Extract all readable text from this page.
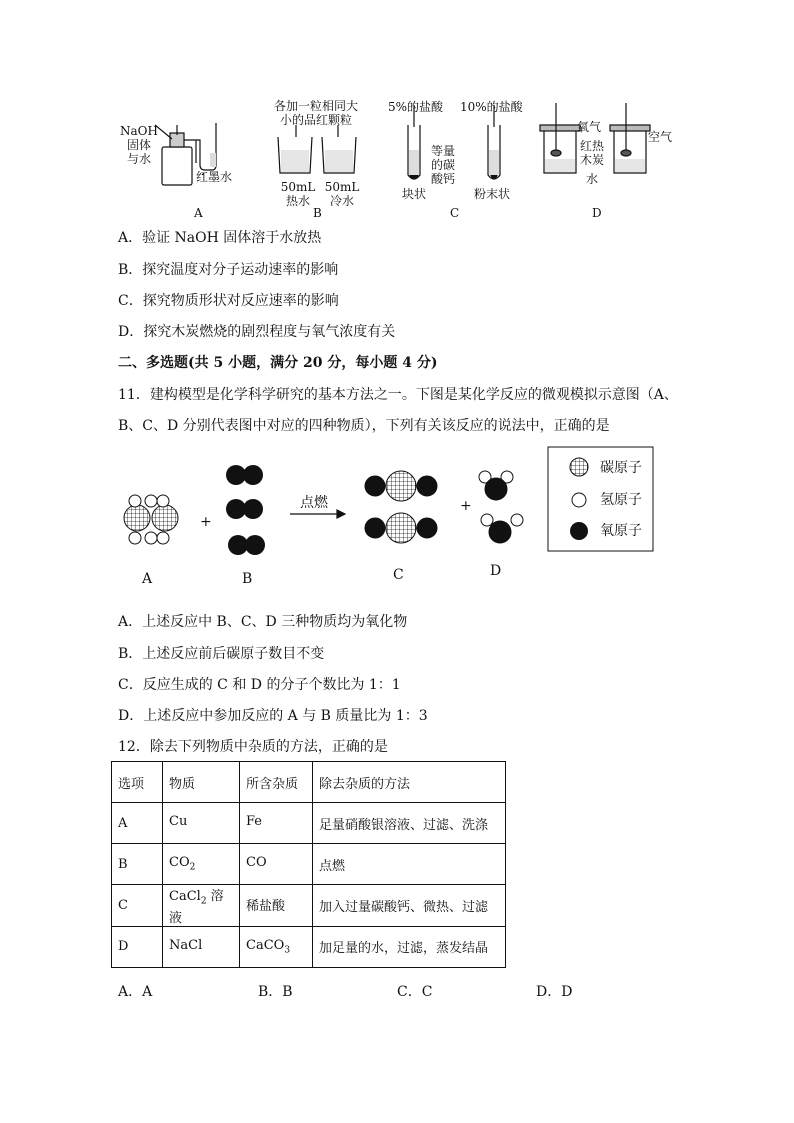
NaOH
固体
与水
红墨水
A
各加一粒相同大
小的品红颗粒
50mL
热水
50mL
冷水
B
5%的盐酸 10%的盐酸
等量
的碳
酸钙
块状	粉末状
C
氧气
空气
红热
木炭
水
D
A．验证 NaOH 固体溶于水放热
B．探究温度对分子运动速率的影响
C．探究物质形状对反应速率的影响
D．探究木炭燃烧的剧烈程度与氧气浓度有关
二、多选题(共 5 小题，满分 20 分，每小题 4 分)
11．建构模型是化学科学研究的基本方法之一。下图是某化学反应的微观模拟示意图（A、
B、C、D 分别代表图中对应的四种物质），下列有关该反应的说法中，正确的是
+
+
点燃
A	B	C	D
碳原子
氢原子
氧原子
A．上述反应中 B、C、D 三种物质均为氧化物
B．上述反应前后碳原子数目不变
C．反应生成的 C 和 D 的分子个数比为 1：1
D．上述反应中参加反应的 A 与 B 质量比为 1：3
12．除去下列物质中杂质的方法，正确的是
选项	物质	所含杂质	除去杂质的方法
A	Cu	Fe	足量硝酸银溶液、过滤、洗涤
B	$CO_2$	CO	点燃
C	CaCl$_2$ 溶液	稀盐酸	加入过量碳酸钙、微热、过滤
D	NaCl	CaCO$_3$	加足量的水，过滤，蒸发结晶
A．A	B．B	C．C	D．D
